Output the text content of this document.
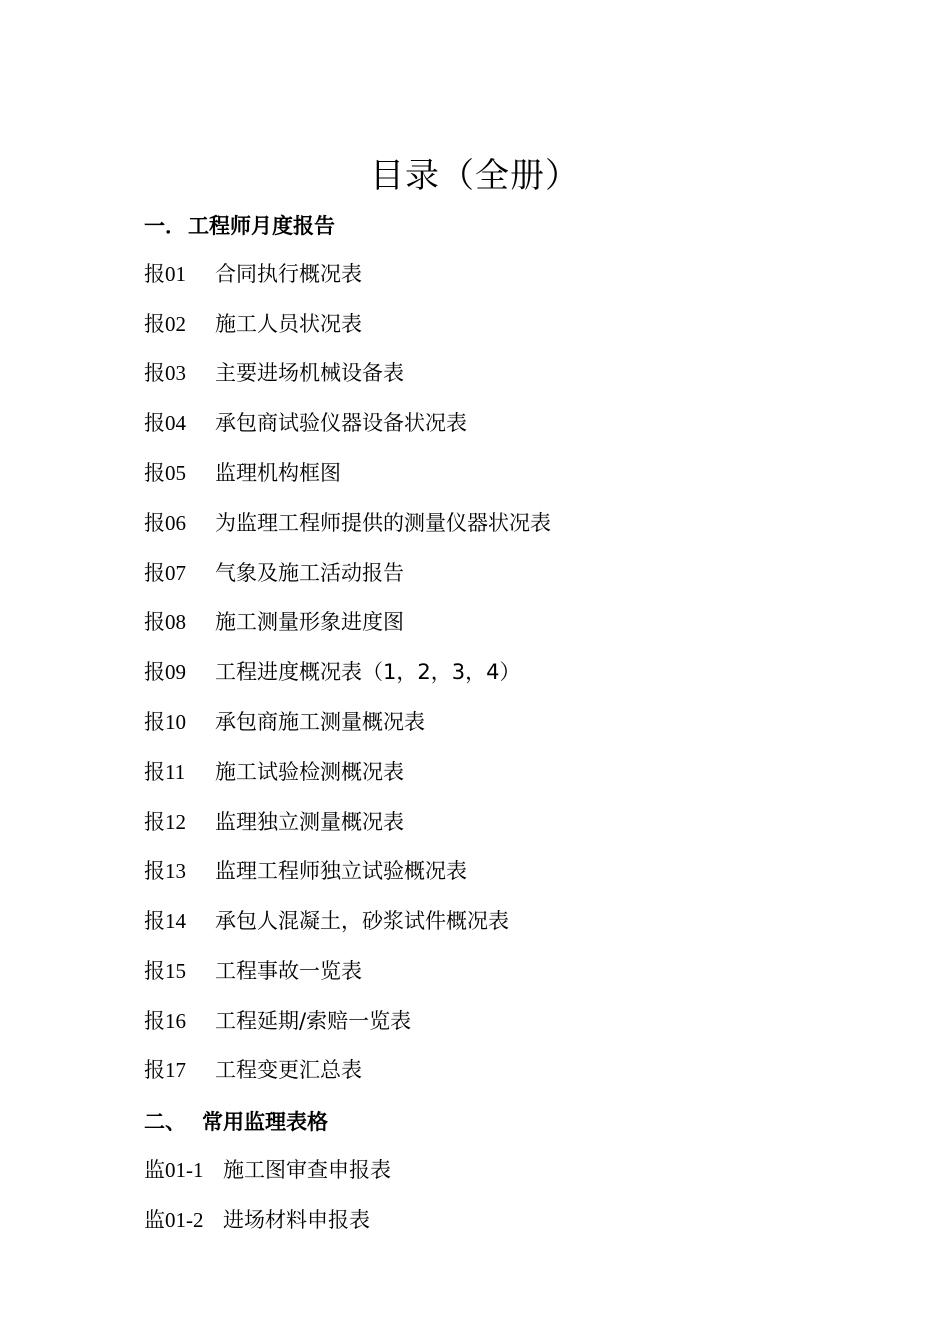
目录（全册）
一．工程师月度报告
报01 合同执行概况表
报02 施工人员状况表
报03 主要进场机械设备表
报04 承包商试验仪器设备状况表
报05 监理机构框图
报06 为监理工程师提供的测量仪器状况表
报07 气象及施工活动报告
报08 施工测量形象进度图
报09 工程进度概况表（1，2，3，4）
报10 承包商施工测量概况表
报11 施工试验检测概况表
报12 监理独立测量概况表
报13 监理工程师独立试验概况表
报14 承包人混凝土，砂浆试件概况表
报15 工程事故一览表
报16 工程延期/索赔一览表
报17 工程变更汇总表
二、 常用监理表格
监01-1 施工图审查申报表
监01-2 进场材料申报表
